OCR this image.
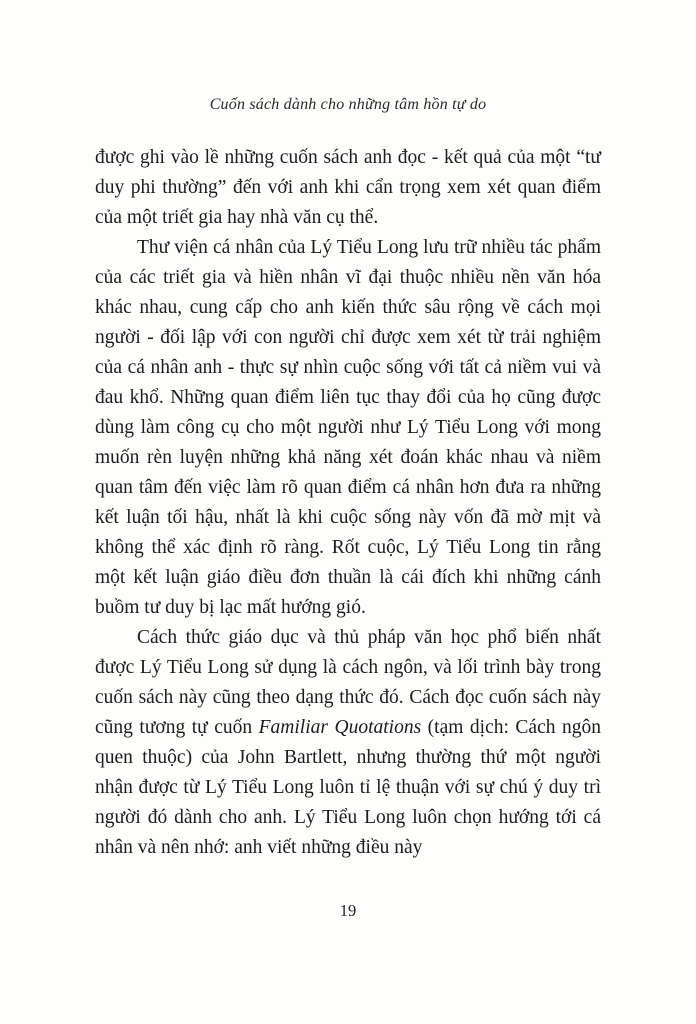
Cuốn sách dành cho những tâm hồn tự do

được ghi vào lề những cuốn sách anh đọc - kết quả của một “tư duy phi thường” đến với anh khi cẩn trọng xem xét quan điểm của một triết gia hay nhà văn cụ thể.

Thư viện cá nhân của Lý Tiểu Long lưu trữ nhiều tác phẩm của các triết gia và hiền nhân vĩ đại thuộc nhiều nền văn hóa khác nhau, cung cấp cho anh kiến thức sâu rộng về cách mọi người - đối lập với con người chỉ được xem xét từ trải nghiệm của cá nhân anh - thực sự nhìn cuộc sống với tất cả niềm vui và đau khổ. Những quan điểm liên tục thay đổi của họ cũng được dùng làm công cụ cho một người như Lý Tiểu Long với mong muốn rèn luyện những khả năng xét đoán khác nhau và niềm quan tâm đến việc làm rõ quan điểm cá nhân hơn đưa ra những kết luận tối hậu, nhất là khi cuộc sống này vốn đã mờ mịt và không thể xác định rõ ràng. Rốt cuộc, Lý Tiểu Long tin rằng một kết luận giáo điều đơn thuần là cái đích khi những cánh buồm tư duy bị lạc mất hướng gió.

Cách thức giáo dục và thủ pháp văn học phổ biến nhất được Lý Tiểu Long sử dụng là cách ngôn, và lối trình bày trong cuốn sách này cũng theo dạng thức đó. Cách đọc cuốn sách này cũng tương tự cuốn Familiar Quotations (tạm dịch: Cách ngôn quen thuộc) của John Bartlett, nhưng thường thứ một người nhận được từ Lý Tiểu Long luôn tỉ lệ thuận với sự chú ý duy trì người đó dành cho anh. Lý Tiểu Long luôn chọn hướng tới cá nhân và nên nhớ: anh viết những điều này

19
